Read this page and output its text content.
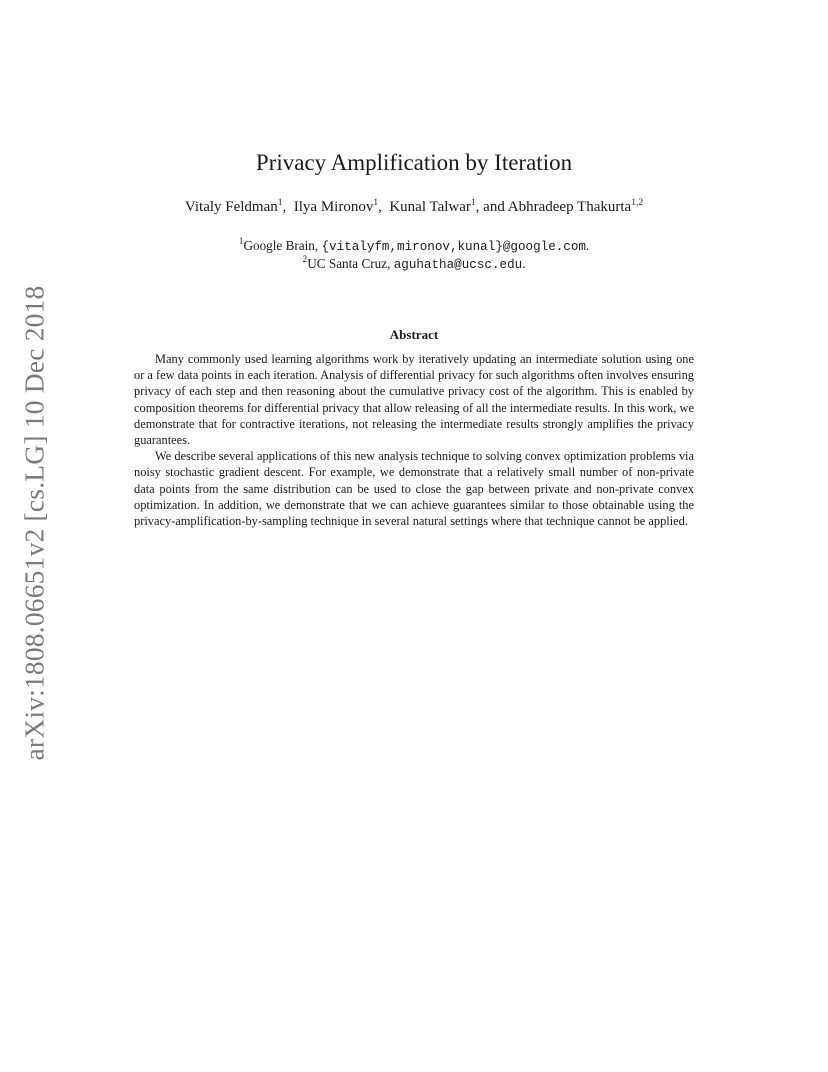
arXiv:1808.06651v2 [cs.LG] 10 Dec 2018
Privacy Amplification by Iteration
Vitaly Feldman$^1$,  Ilya Mironov$^1$,  Kunal Talwar$^1$, and Abhradeep Thakurta$^{1,2}$
$^1$Google Brain, {vitalyfm,mironov,kunal}@google.com.
$^2$UC Santa Cruz, aguhatha@ucsc.edu.
Abstract

Many commonly used learning algorithms work by iteratively updating an intermediate solution using one or a few data points in each iteration. Analysis of differential privacy for such algorithms often involves ensuring privacy of each step and then reasoning about the cumulative privacy cost of the algorithm. This is enabled by composition theorems for differential privacy that allow releasing of all the intermediate results. In this work, we demonstrate that for contractive iterations, not releasing the intermediate results strongly amplifies the privacy guarantees.

We describe several applications of this new analysis technique to solving convex optimization problems via noisy stochastic gradient descent. For example, we demonstrate that a relatively small number of non-private data points from the same distribution can be used to close the gap between private and non-private convex optimization. In addition, we demonstrate that we can achieve guarantees similar to those obtainable using the privacy-amplification-by-sampling technique in several natural settings where that technique cannot be applied.
